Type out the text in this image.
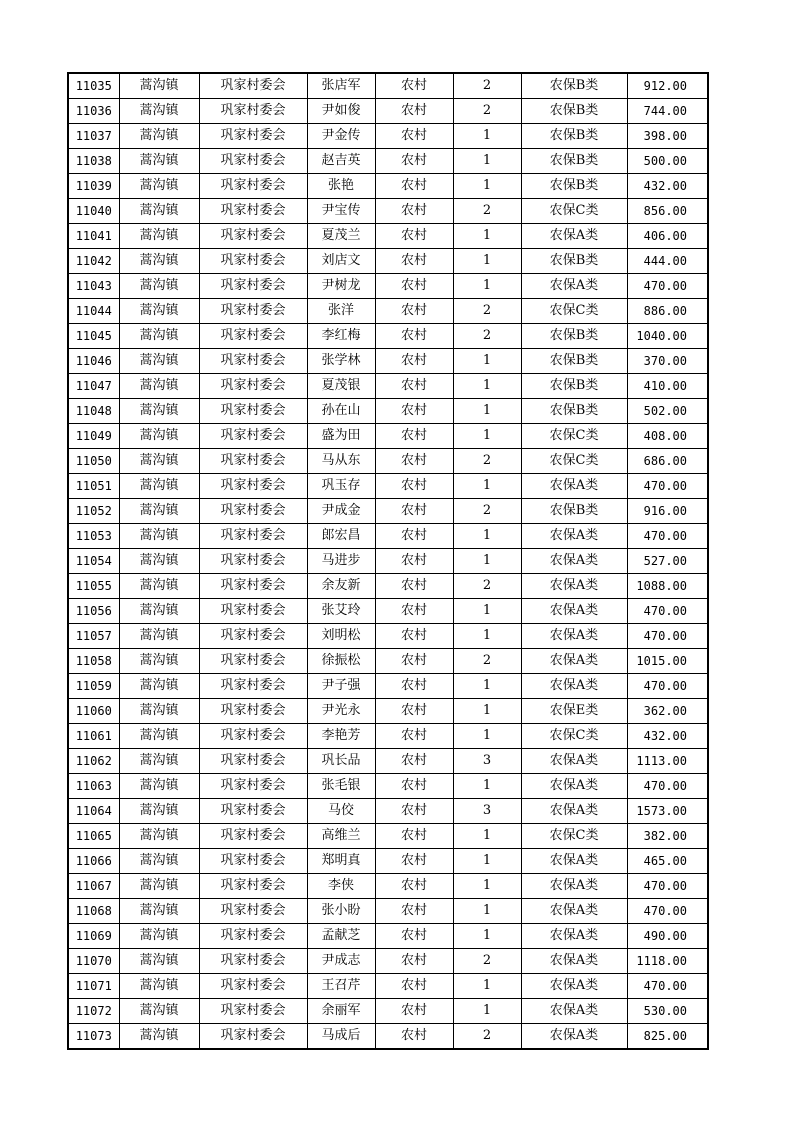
11035	蒿沟镇	巩家村委会	张店军	农村	2	农保B类	912.00
11036	蒿沟镇	巩家村委会	尹如俊	农村	2	农保B类	744.00
11037	蒿沟镇	巩家村委会	尹金传	农村	1	农保B类	398.00
11038	蒿沟镇	巩家村委会	赵吉英	农村	1	农保B类	500.00
11039	蒿沟镇	巩家村委会	张艳	农村	1	农保B类	432.00
11040	蒿沟镇	巩家村委会	尹宝传	农村	2	农保C类	856.00
11041	蒿沟镇	巩家村委会	夏茂兰	农村	1	农保A类	406.00
11042	蒿沟镇	巩家村委会	刘店文	农村	1	农保B类	444.00
11043	蒿沟镇	巩家村委会	尹树龙	农村	1	农保A类	470.00
11044	蒿沟镇	巩家村委会	张洋	农村	2	农保C类	886.00
11045	蒿沟镇	巩家村委会	李红梅	农村	2	农保B类	1040.00
11046	蒿沟镇	巩家村委会	张学林	农村	1	农保B类	370.00
11047	蒿沟镇	巩家村委会	夏茂银	农村	1	农保B类	410.00
11048	蒿沟镇	巩家村委会	孙在山	农村	1	农保B类	502.00
11049	蒿沟镇	巩家村委会	盛为田	农村	1	农保C类	408.00
11050	蒿沟镇	巩家村委会	马从东	农村	2	农保C类	686.00
11051	蒿沟镇	巩家村委会	巩玉存	农村	1	农保A类	470.00
11052	蒿沟镇	巩家村委会	尹成金	农村	2	农保B类	916.00
11053	蒿沟镇	巩家村委会	郎宏昌	农村	1	农保A类	470.00
11054	蒿沟镇	巩家村委会	马进步	农村	1	农保A类	527.00
11055	蒿沟镇	巩家村委会	余友新	农村	2	农保A类	1088.00
11056	蒿沟镇	巩家村委会	张艾玲	农村	1	农保A类	470.00
11057	蒿沟镇	巩家村委会	刘明松	农村	1	农保A类	470.00
11058	蒿沟镇	巩家村委会	徐振松	农村	2	农保A类	1015.00
11059	蒿沟镇	巩家村委会	尹子强	农村	1	农保A类	470.00
11060	蒿沟镇	巩家村委会	尹光永	农村	1	农保E类	362.00
11061	蒿沟镇	巩家村委会	李艳芳	农村	1	农保C类	432.00
11062	蒿沟镇	巩家村委会	巩长品	农村	3	农保A类	1113.00
11063	蒿沟镇	巩家村委会	张毛银	农村	1	农保A类	470.00
11064	蒿沟镇	巩家村委会	马佼	农村	3	农保A类	1573.00
11065	蒿沟镇	巩家村委会	高维兰	农村	1	农保C类	382.00
11066	蒿沟镇	巩家村委会	郑明真	农村	1	农保A类	465.00
11067	蒿沟镇	巩家村委会	李侠	农村	1	农保A类	470.00
11068	蒿沟镇	巩家村委会	张小盼	农村	1	农保A类	470.00
11069	蒿沟镇	巩家村委会	孟献芝	农村	1	农保A类	490.00
11070	蒿沟镇	巩家村委会	尹成志	农村	2	农保A类	1118.00
11071	蒿沟镇	巩家村委会	王召芹	农村	1	农保A类	470.00
11072	蒿沟镇	巩家村委会	余丽军	农村	1	农保A类	530.00
11073	蒿沟镇	巩家村委会	马成后	农村	2	农保A类	825.00
